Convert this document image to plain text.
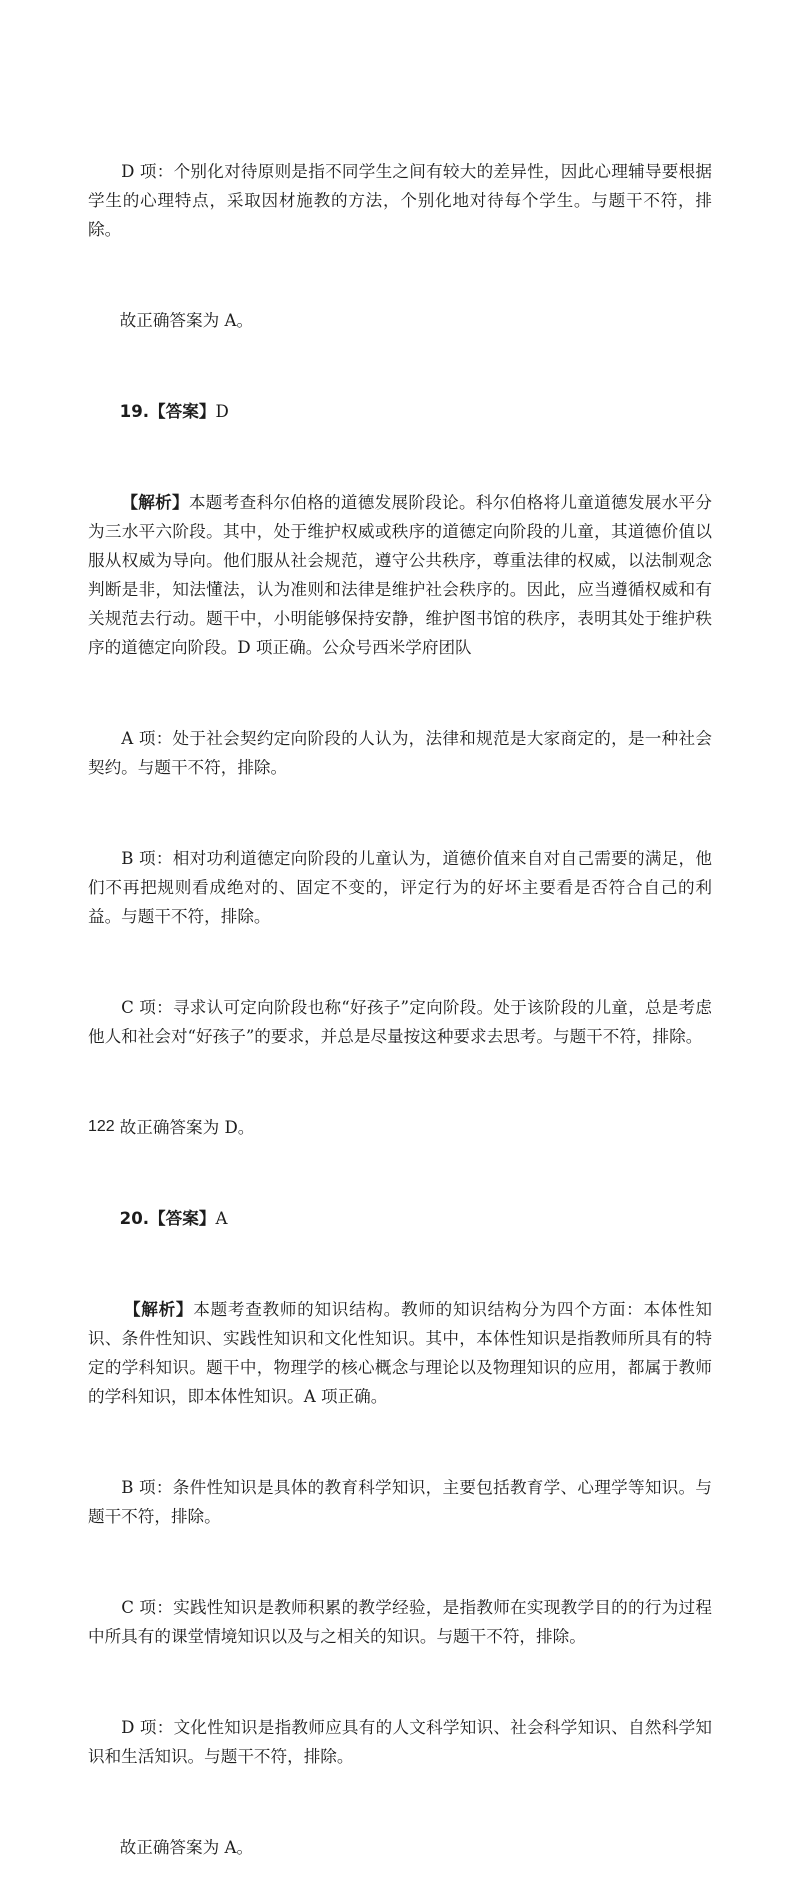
D 项：个别化对待原则是指不同学生之间有较大的差异性，因此心理辅导要根据学生的心理特点，采取因材施教的方法，个别化地对待每个学生。与题干不符，排除。

故正确答案为 A。

19.【答案】D

【解析】本题考查科尔伯格的道德发展阶段论。科尔伯格将儿童道德发展水平分为三水平六阶段。其中，处于维护权威或秩序的道德定向阶段的儿童，其道德价值以服从权威为导向。他们服从社会规范，遵守公共秩序，尊重法律的权威，以法制观念判断是非，知法懂法，认为准则和法律是维护社会秩序的。因此，应当遵循权威和有关规范去行动。题干中，小明能够保持安静，维护图书馆的秩序，表明其处于维护秩序的道德定向阶段。D 项正确。公众号西米学府团队

A 项：处于社会契约定向阶段的人认为，法律和规范是大家商定的，是一种社会契约。与题干不符，排除。

B 项：相对功利道德定向阶段的儿童认为，道德价值来自对自己需要的满足，他们不再把规则看成绝对的、固定不变的，评定行为的好坏主要看是否符合自己的利益。与题干不符，排除。

C 项：寻求认可定向阶段也称“好孩子”定向阶段。处于该阶段的儿童，总是考虑他人和社会对“好孩子”的要求，并总是尽量按这种要求去思考。与题干不符，排除。

故正确答案为 D。

20.【答案】A

【解析】本题考查教师的知识结构。教师的知识结构分为四个方面：本体性知识、条件性知识、实践性知识和文化性知识。其中，本体性知识是指教师所具有的特定的学科知识。题干中，物理学的核心概念与理论以及物理知识的应用，都属于教师的学科知识，即本体性知识。A 项正确。

B 项：条件性知识是具体的教育科学知识，主要包括教育学、心理学等知识。与题干不符，排除。

C 项：实践性知识是教师积累的教学经验，是指教师在实现教学目的的行为过程中所具有的课堂情境知识以及与之相关的知识。与题干不符，排除。

D 项：文化性知识是指教师应具有的人文科学知识、社会科学知识、自然科学知识和生活知识。与题干不符，排除。

故正确答案为 A。

122
